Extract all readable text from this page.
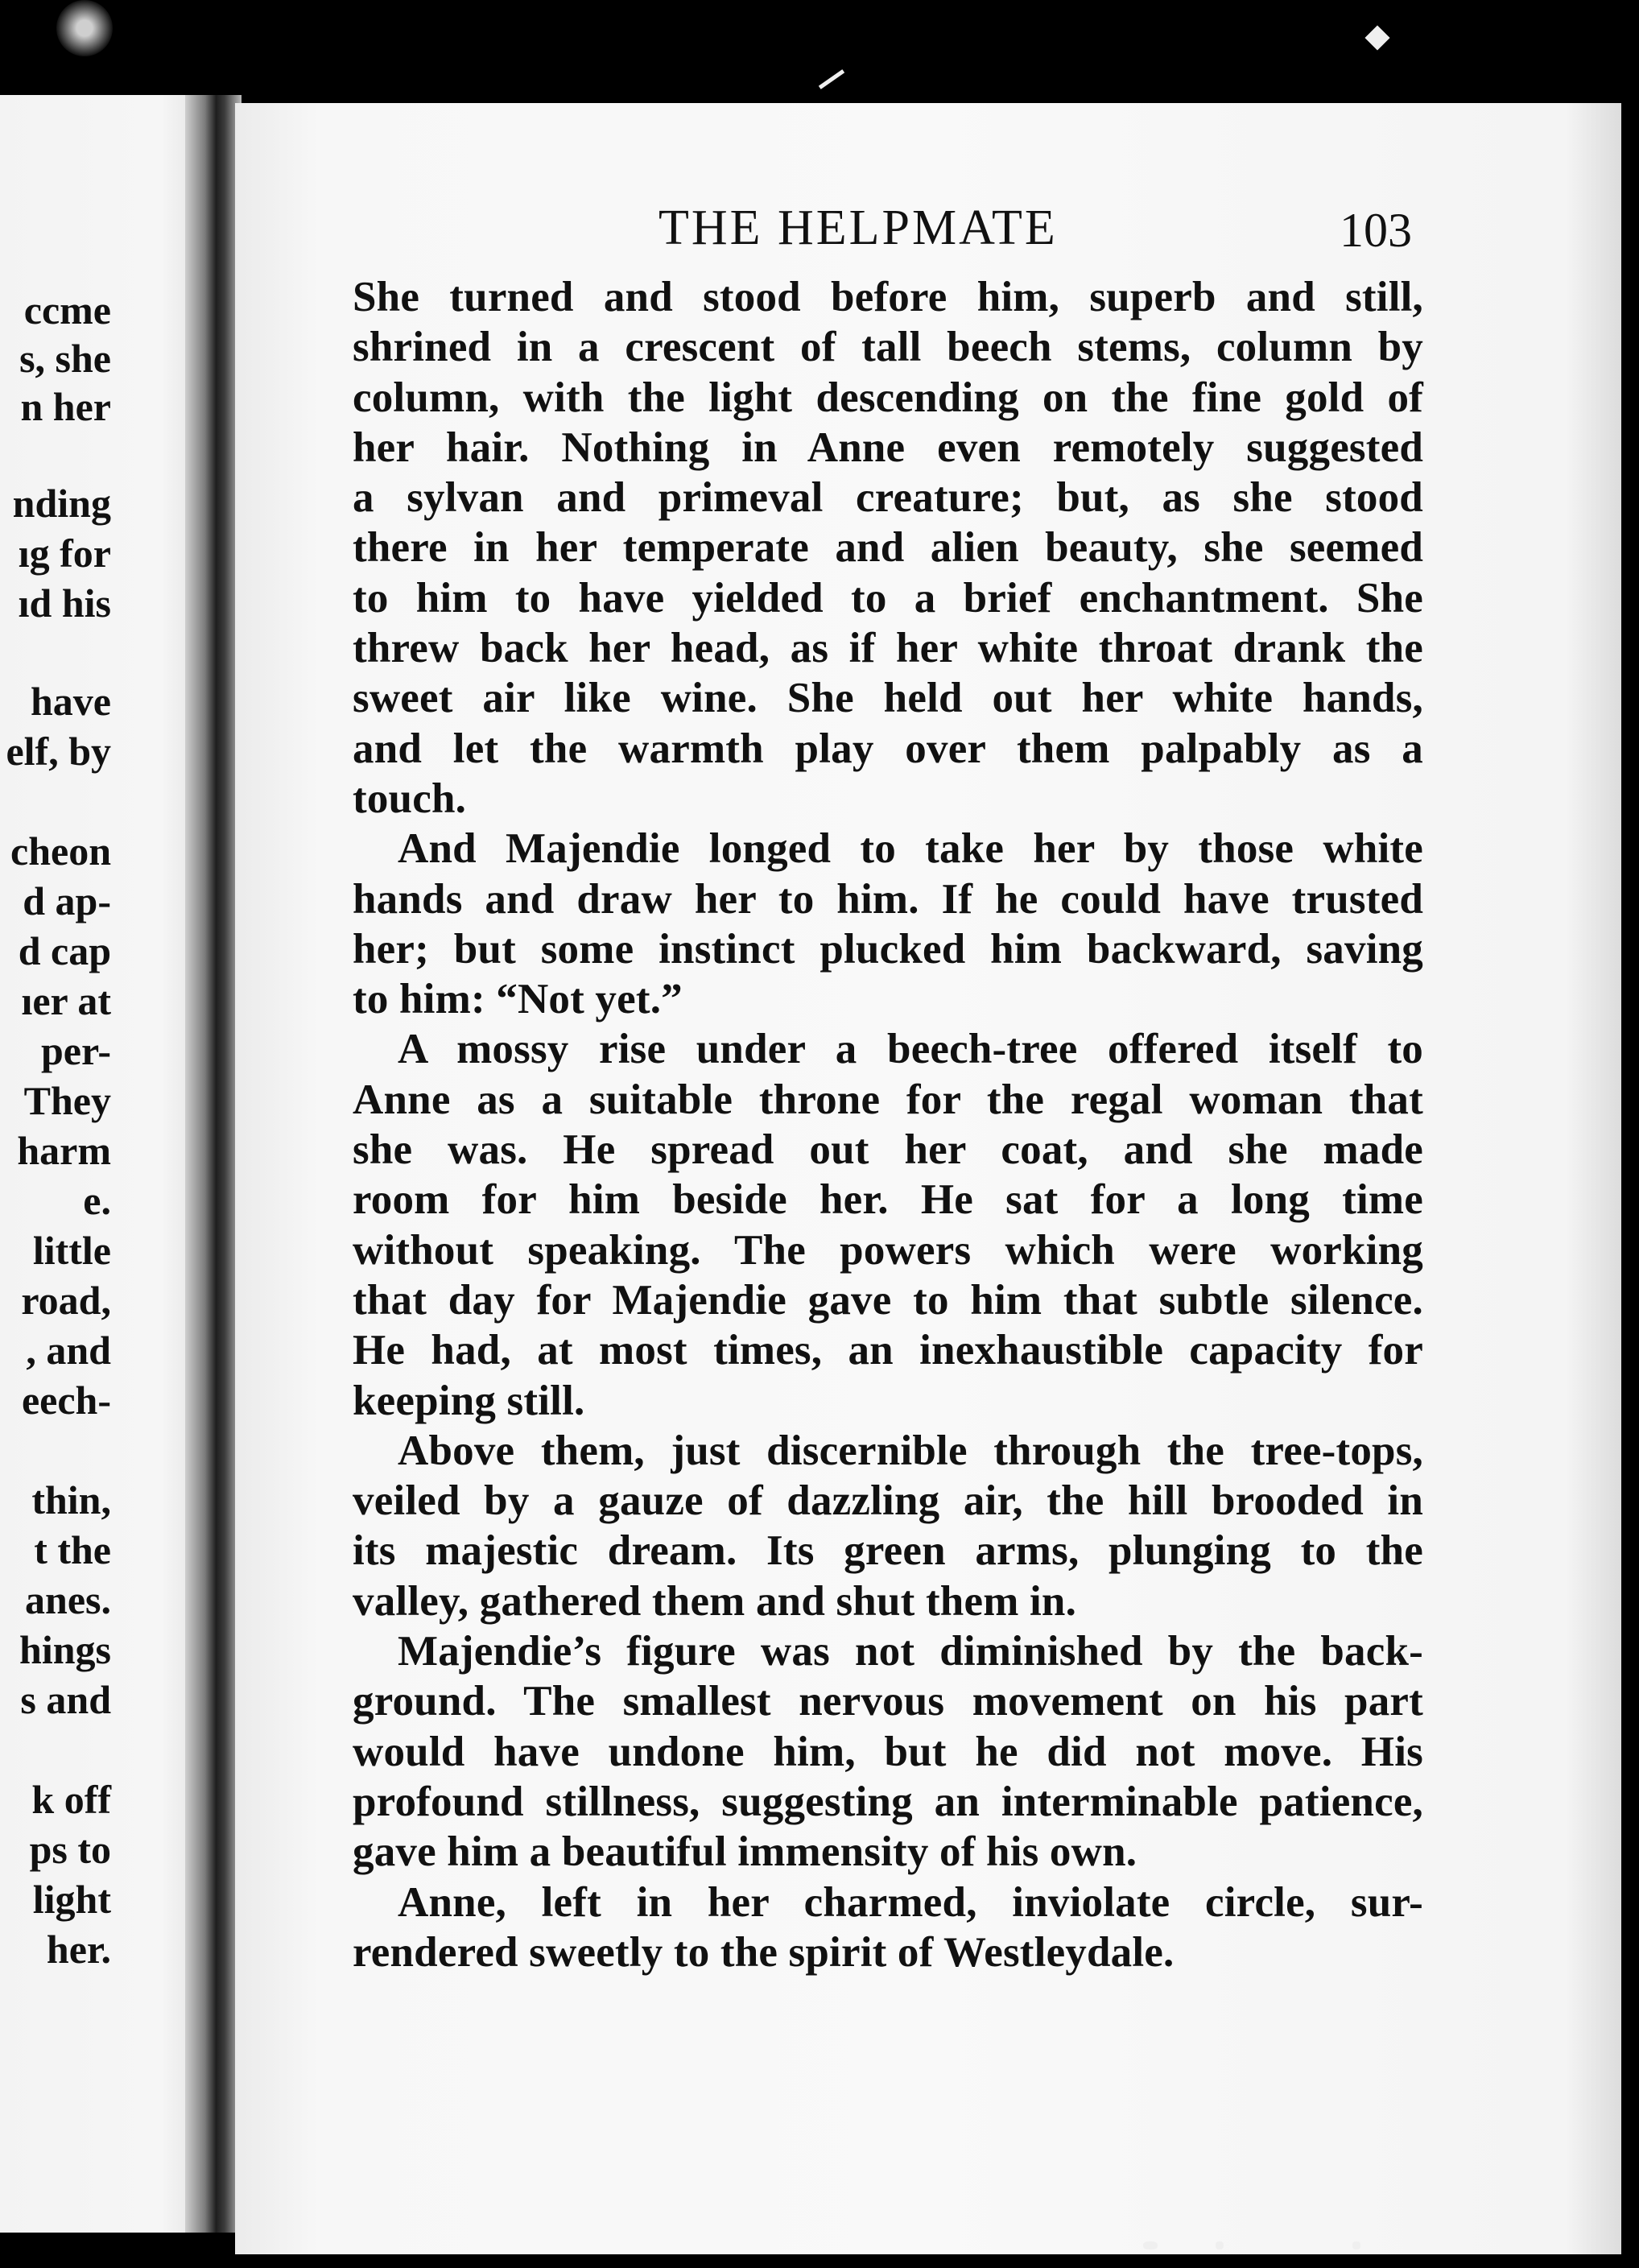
ccme
s, she
n her
nding
ıg for
ıd his
have
elf, by
cheon
d ap-
d cap
ıer at
per-
They
harm
e.
little
road,
, and
eech-
thin,
t the
anes.
hings
s and
k off
ps to
light
her.
THE HELPMATE	103
She turned and stood before him, superb and still,
shrined in a crescent of tall beech stems, column by
column, with the light descending on the fine gold of
her hair. Nothing in Anne even remotely suggested
a sylvan and primeval creature; but, as she stood
there in her temperate and alien beauty, she seemed
to him to have yielded to a brief enchantment. She
threw back her head, as if her white throat drank the
sweet air like wine. She held out her white hands,
and let the warmth play over them palpably as a
touch.
And Majendie longed to take her by those white
hands and draw her to him. If he could have trusted
her; but some instinct plucked him backward, saving
to him: “Not yet.”
A mossy rise under a beech-tree offered itself to
Anne as a suitable throne for the regal woman that
she was. He spread out her coat, and she made
room for him beside her. He sat for a long time
without speaking. The powers which were working
that day for Majendie gave to him that subtle silence.
He had, at most times, an inexhaustible capacity for
keeping still.
Above them, just discernible through the tree-tops,
veiled by a gauze of dazzling air, the hill brooded in
its majestic dream. Its green arms, plunging to the
valley, gathered them and shut them in.
Majendie’s figure was not diminished by the back-
ground. The smallest nervous movement on his part
would have undone him, but he did not move. His
profound stillness, suggesting an interminable patience,
gave him a beautiful immensity of his own.
Anne, left in her charmed, inviolate circle, sur-
rendered sweetly to the spirit of Westleydale.
